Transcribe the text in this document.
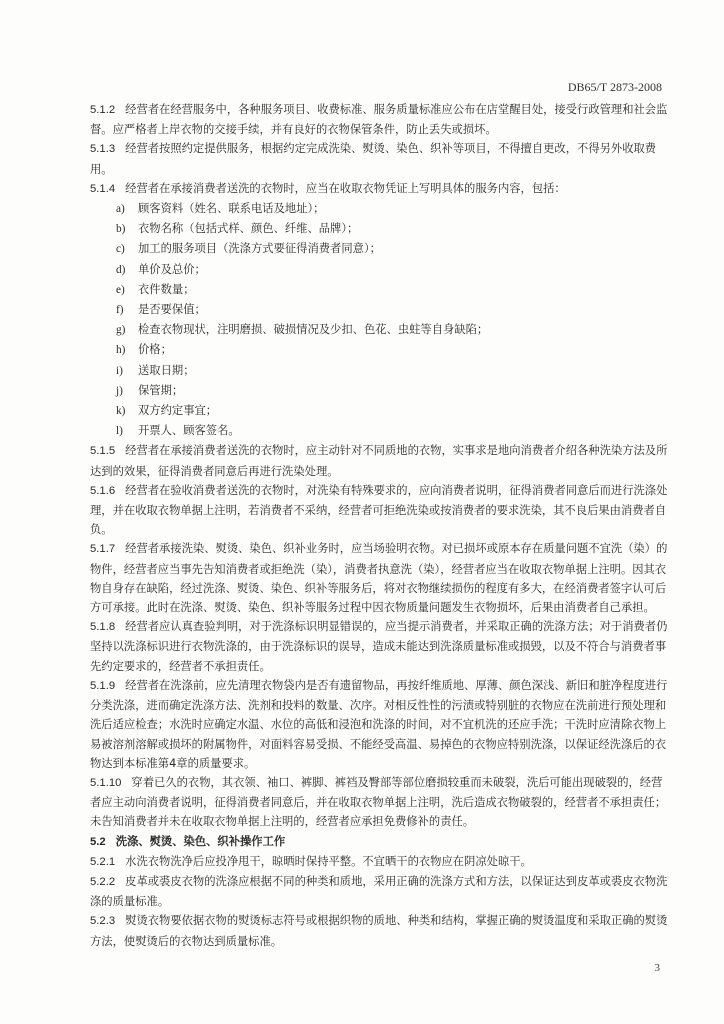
DB65/T 2873-2008

5.1.2 经营者在经营服务中，各种服务项目、收费标准、服务质量标准应公布在店堂醒目处，接受行政管理和社会监督。应严格者上岸衣物的交接手续，并有良好的衣物保管条件，防止丢失或损坏。

5.1.3 经营者按照约定提供服务，根据约定完成洗染、熨烫、染色、织补等项目，不得擅自更改，不得另外收取费用。

5.1.4 经营者在承接消费者送洗的衣物时，应当在收取衣物凭证上写明具体的服务内容，包括：

a) 顾客资料（姓名、联系电话及地址）；

b) 衣物名称（包括式样、颜色、纤维、品牌）；

c) 加工的服务项目（洗涤方式要征得消费者同意）；

d) 单价及总价；

e) 衣件数量；

f) 是否要保值；

g) 检查衣物现状，注明磨损、破损情况及少扣、色花、虫蛀等自身缺陷；

h) 价格；

i) 送取日期；

j) 保管期；

k) 双方约定事宜；

l) 开票人、顾客签名。

5.1.5 经营者在承接消费者送洗的衣物时，应主动针对不同质地的衣物，实事求是地向消费者介绍各种洗染方法及所达到的效果，征得消费者同意后再进行洗染处理。

5.1.6 经营者在验收消费者送洗的衣物时，对洗染有特殊要求的，应向消费者说明，征得消费者同意后而进行洗涤处理，并在收取衣物单据上注明，若消费者不采纳，经营者可拒绝洗染或按消费者的要求洗染，其不良后果由消费者自负。

5.1.7 经营者承接洗染、熨烫、染色、织补业务时，应当场验明衣物。对已损坏或原本存在质量问题不宜洗（染）的物件，经营者应当事先告知消费者或拒绝洗（染），消费者执意洗（染），经营者应当在收取衣物单据上注明。因其衣物自身存在缺陷，经过洗涤、熨烫、染色、织补等服务后，将对衣物继续损伤的程度有多大，在经消费者签字认可后方可承接。此时在洗涤、熨烫、染色、织补等服务过程中因衣物质量问题发生衣物损坏，后果由消费者自己承担。

5.1.8 经营者应认真查验判明，对于洗涤标识明显错误的，应当提示消费者，并采取正确的洗涤方法；对于消费者仍坚持以洗涤标识进行衣物洗涤的，由于洗涤标识的误导，造成未能达到洗涤质量标准或损毁，以及不符合与消费者事先约定要求的，经营者不承担责任。

5.1.9 经营者在洗涤前，应先清理衣物袋内是否有遗留物品，再按纤维质地、厚薄、颜色深浅、新旧和脏净程度进行分类洗涤，进而确定洗涤方法、洗剂和投料的数量、次序。对相反性性的污渍或特别脏的衣物应在洗前进行预处理和洗后适应检查；水洗时应确定水温、水位的高低和浸泡和洗涤的时间，对不宜机洗的还应手洗；干洗时应清除衣物上易被溶剂溶解或损坏的附属物件，对面料容易受损、不能经受高温、易掉色的衣物应特别洗涤，以保证经洗涤后的衣物达到本标准第4章的质量要求。

5.1.10 穿着已久的衣物，其衣领、袖口、裤脚、裤裆及臀部等部位磨损较重而未破裂，洗后可能出现破裂的，经营者应主动向消费者说明，征得消费者同意后，并在收取衣物单据上注明，洗后造成衣物破裂的，经营者不承担责任；未告知消费者并未在收取衣物单据上注明的，经营者应承担免费修补的责任。

5.2 洗涤、熨烫、染色、织补操作工作

5.2.1 水洗衣物洗净后应投净甩干，晾晒时保持平整。不宜晒干的衣物应在阴凉处晾干。

5.2.2 皮革或裘皮衣物的洗涤应根据不同的种类和质地，采用正确的洗涤方式和方法，以保证达到皮革或裘皮衣物洗涤的质量标准。

5.2.3 熨烫衣物要依据衣物的熨烫标志符号或根据织物的质地、种类和结构，掌握正确的熨烫温度和采取正确的熨烫方法，使熨烫后的衣物达到质量标准。

3
